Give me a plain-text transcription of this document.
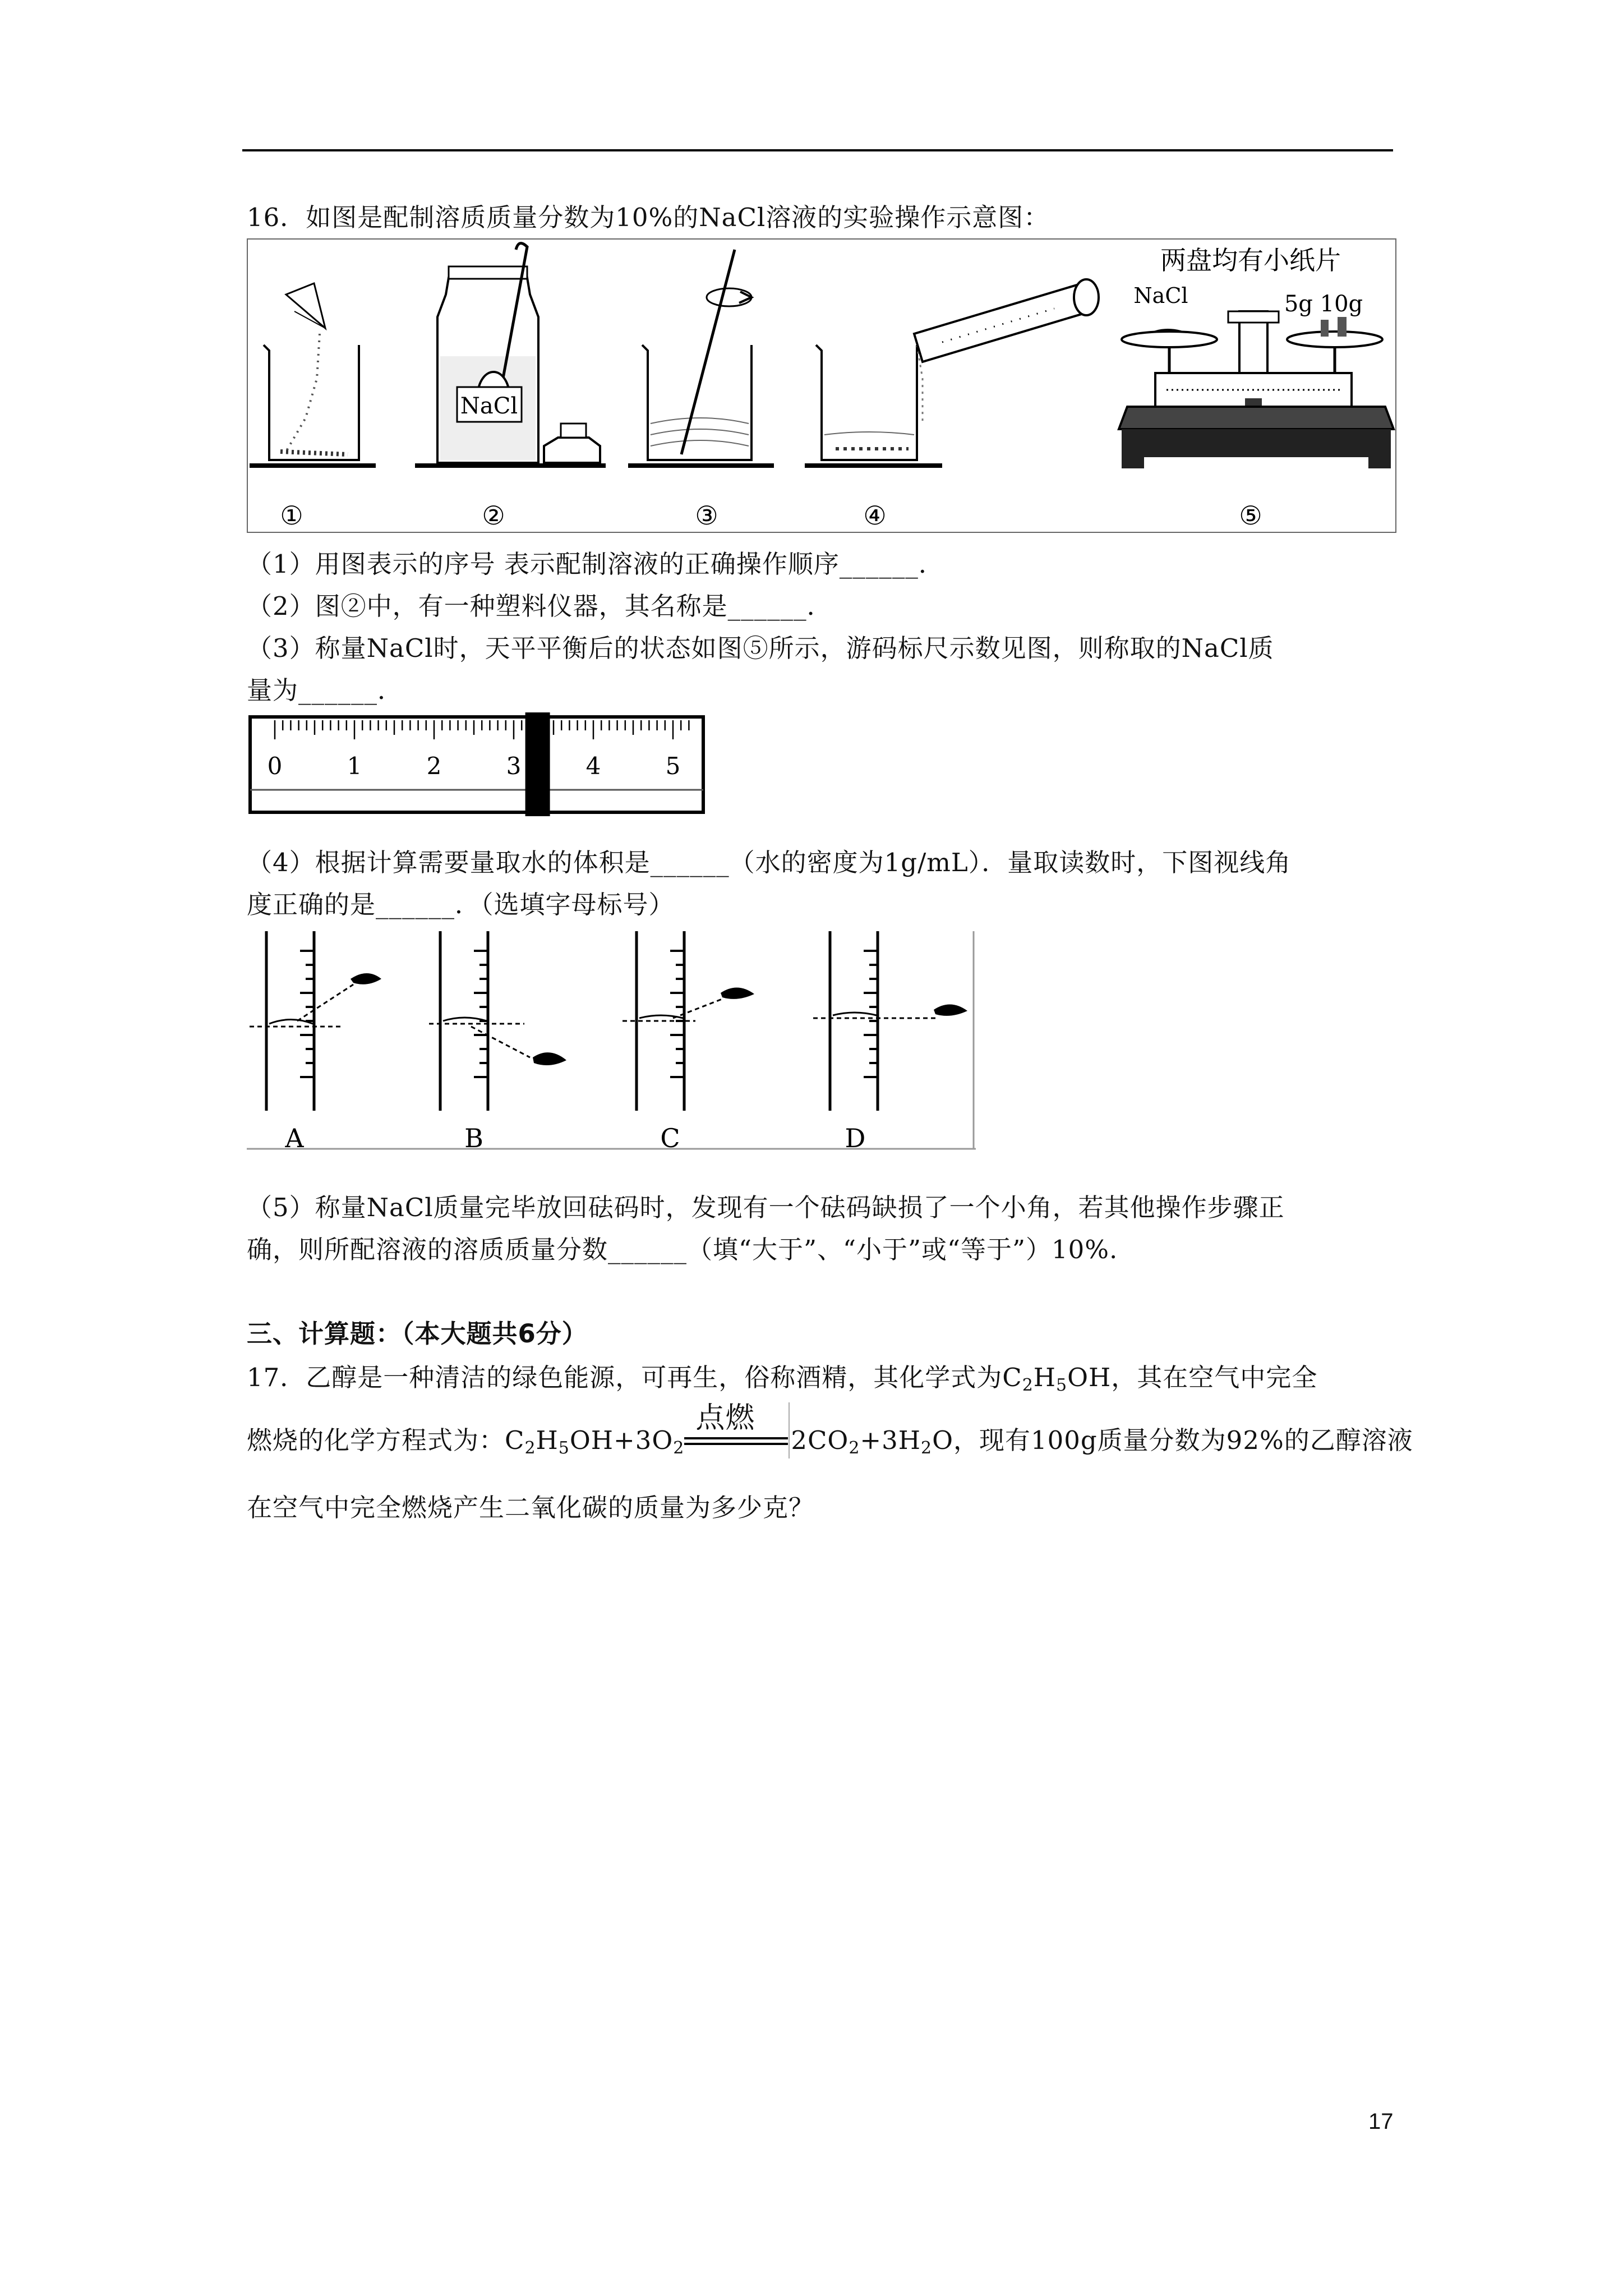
16．如图是配制溶质质量分数为10%的NaCl溶液的实验操作示意图：
NaCl
两盘均有小纸片
NaCl	5g 10g
①	②	③	④	⑤
（1）用图表示的序号 表示配制溶液的正确操作顺序______．
（2）图②中，有一种塑料仪器，其名称是______．
（3）称量NaCl时，天平平衡后的状态如图⑤所示，游码标尺示数见图，则称取的NaCl质
量为______．
0	1	2	3	4	5
（4）根据计算需要量取水的体积是______（水的密度为1g/mL）．量取读数时，下图视线角
度正确的是______．（选填字母标号）
A	B	C	D
（5）称量NaCl质量完毕放回砝码时，发现有一个砝码缺损了一个小角，若其他操作步骤正
确，则所配溶液的溶质质量分数______（填“大于”、“小于”或“等于”）10%.
三、计算题：（本大题共6分）
17．乙醇是一种清洁的绿色能源，可再生，俗称酒精，其化学式为$C_2H_5OH$，其在空气中完全
燃烧的化学方程式为：$C_2H_5OH+3O_2$
点燃
$2CO_2+3H_2O$，现有100g质量分数为92%的乙醇溶液
在空气中完全燃烧产生二氧化碳的质量为多少克？
17
